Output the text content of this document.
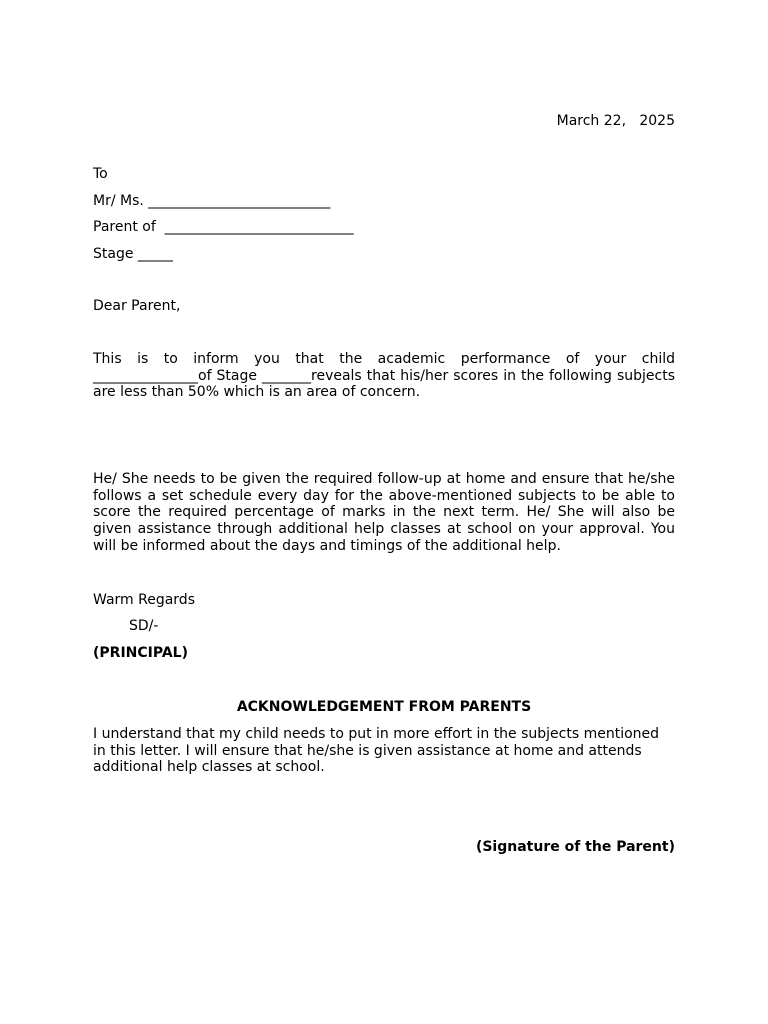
March 22,   2025
To
Mr/ Ms. __________________________
Parent of  ___________________________
Stage _____
Dear Parent,
This is to inform you that the academic performance of your child _______________of Stage _______reveals that his/her scores in the following subjects are less than 50% which is an area of concern.
He/ She needs to be given the required follow-up at home and ensure that he/she follows a set schedule every day for the above-mentioned subjects to be able to score the required percentage of marks in the next term. He/ She will also be given assistance through additional help classes at school on your approval. You will be informed about the days and timings of the additional help.
Warm Regards
SD/-
(PRINCIPAL)
ACKNOWLEDGEMENT FROM PARENTS
I understand that my child needs to put in more effort in the subjects mentioned in this letter. I will ensure that he/she is given assistance at home and attends additional help classes at school.
(Signature of the Parent)
